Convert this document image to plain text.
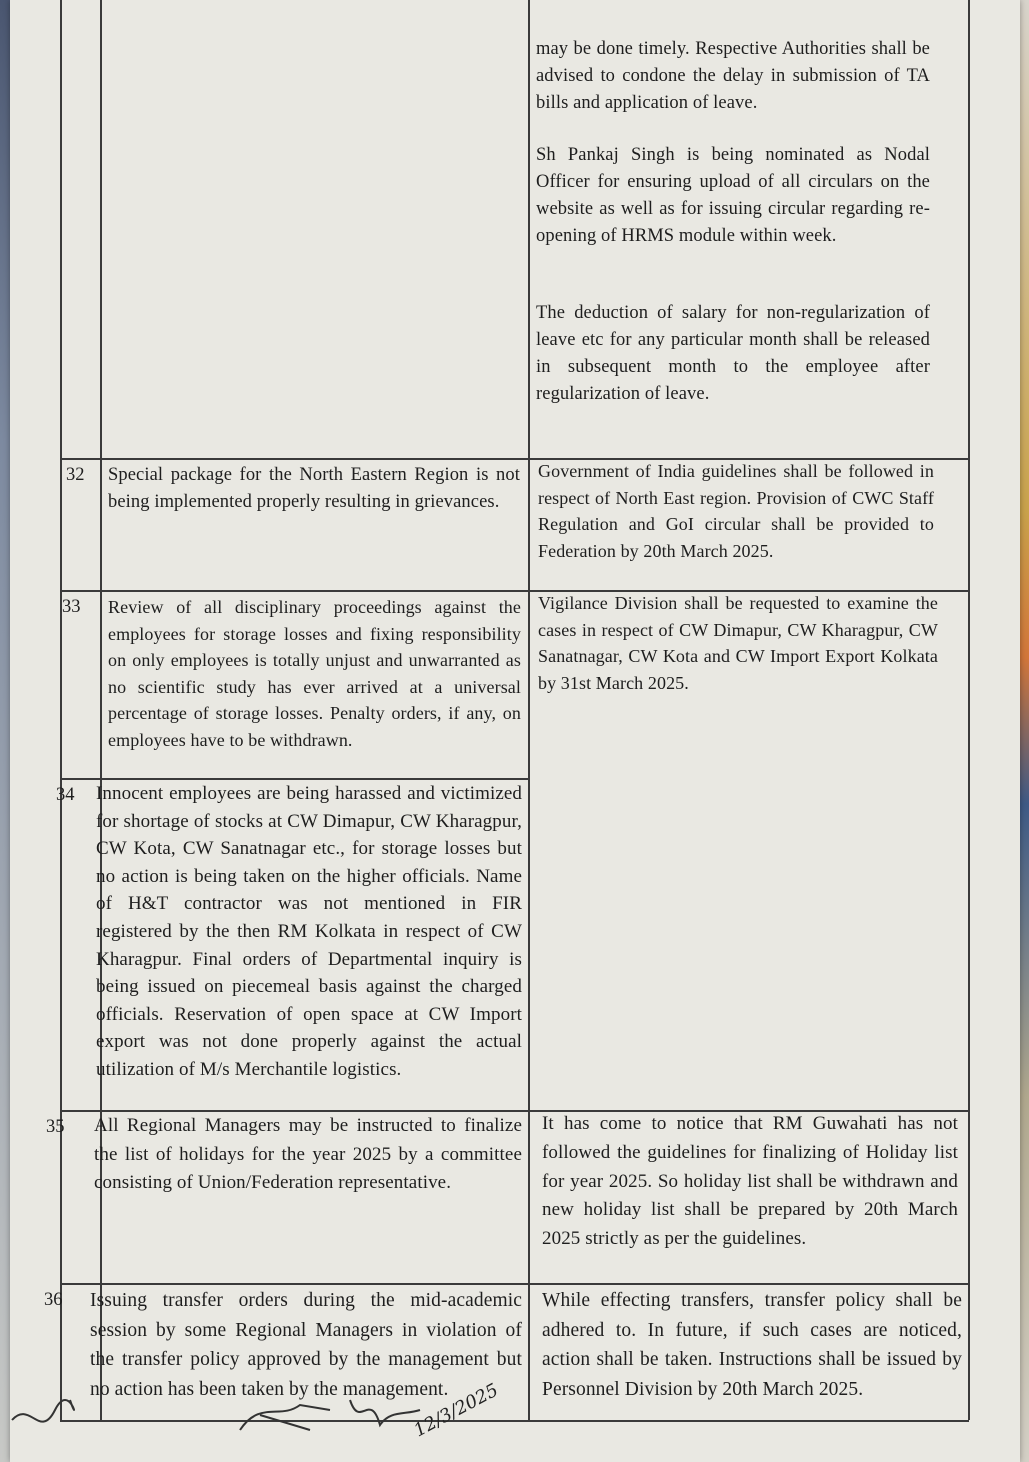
may be done timely. Respective Authorities shall be advised to condone the delay in submission of TA bills and application of leave.
Sh Pankaj Singh is being nominated as Nodal Officer for ensuring upload of all circulars on the website as well as for issuing circular regarding re-opening of HRMS module within week.
The deduction of salary for non-regularization of leave etc for any particular month shall be released in subsequent month to the employee after regularization of leave.
32 Special package for the North Eastern Region is not being implemented properly resulting in grievances.
Government of India guidelines shall be followed in respect of North East region. Provision of CWC Staff Regulation and GoI circular shall be provided to Federation by 20th March 2025.
33 Review of all disciplinary proceedings against the employees for storage losses and fixing responsibility on only employees is totally unjust and unwarranted as no scientific study has ever arrived at a universal percentage of storage losses. Penalty orders, if any, on employees have to be withdrawn.
Vigilance Division shall be requested to examine the cases in respect of CW Dimapur, CW Kharagpur, CW Sanatnagar, CW Kota and CW Import Export Kolkata by 31st March 2025.
34 Innocent employees are being harassed and victimized for shortage of stocks at CW Dimapur, CW Kharagpur, CW Kota, CW Sanatnagar etc., for storage losses but no action is being taken on the higher officials. Name of H&T contractor was not mentioned in FIR registered by the then RM Kolkata in respect of CW Kharagpur. Final orders of Departmental inquiry is being issued on piecemeal basis against the charged officials. Reservation of open space at CW Import export was not done properly against the actual utilization of M/s Merchantile logistics.
35 All Regional Managers may be instructed to finalize the list of holidays for the year 2025 by a committee consisting of Union/Federation representative.
It has come to notice that RM Guwahati has not followed the guidelines for finalizing of Holiday list for year 2025. So holiday list shall be withdrawn and new holiday list shall be prepared by 20th March 2025 strictly as per the guidelines.
36 Issuing transfer orders during the mid-academic session by some Regional Managers in violation of the transfer policy approved by the management but no action has been taken by the management.
While effecting transfers, transfer policy shall be adhered to. In future, if such cases are noticed, action shall be taken. Instructions shall be issued by Personnel Division by 20th March 2025.
12/3/2025
